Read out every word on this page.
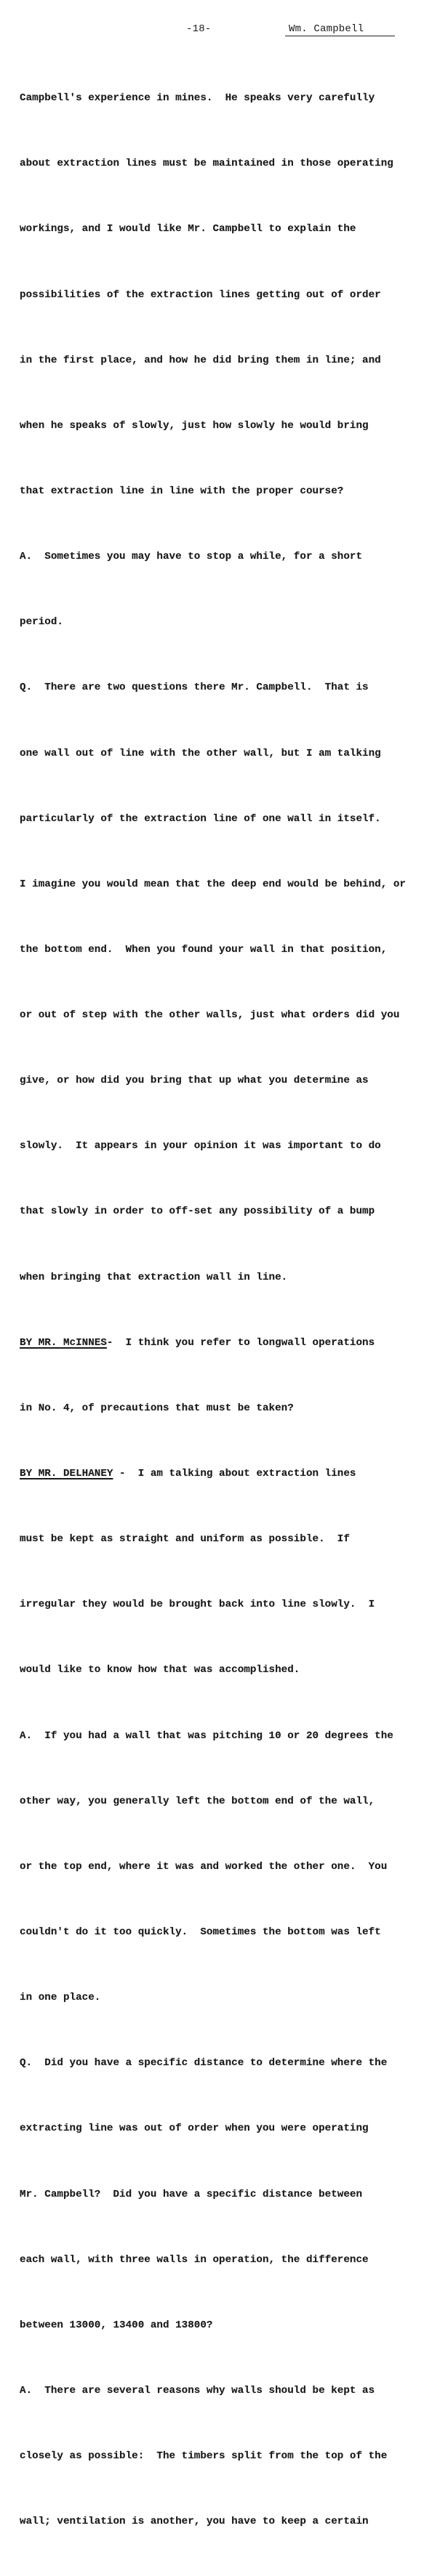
-18-	Wm. Campbell

Campbell's experience in mines.  He speaks very carefully

about extraction lines must be maintained in those operating

workings, and I would like Mr. Campbell to explain the

possibilities of the extraction lines getting out of order

in the first place, and how he did bring them in line; and

when he speaks of slowly, just how slowly he would bring

that extraction line in line with the proper course?

A.  Sometimes you may have to stop a while, for a short

period.

Q.  There are two questions there Mr. Campbell.  That is

one wall out of line with the other wall, but I am talking

particularly of the extraction line of one wall in itself.

I imagine you would mean that the deep end would be behind, or

the bottom end.  When you found your wall in that position,

or out of step with the other walls, just what orders did you

give, or how did you bring that up what you determine as

slowly.  It appears in your opinion it was important to do

that slowly in order to off-set any possibility of a bump

when bringing that extraction wall in line.

BY MR. McINNES-  I think you refer to longwall operations

in No. 4, of precautions that must be taken?

BY MR. DELHANEY -  I am talking about extraction lines

must be kept as straight and uniform as possible.  If

irregular they would be brought back into line slowly.  I

would like to know how that was accomplished.

A.  If you had a wall that was pitching 10 or 20 degrees the

other way, you generally left the bottom end of the wall,

or the top end, where it was and worked the other one.  You

couldn't do it too quickly.  Sometimes the bottom was left

in one place.

Q.  Did you have a specific distance to determine where the

extracting line was out of order when you were operating

Mr. Campbell?  Did you have a specific distance between

each wall, with three walls in operation, the difference

between 13000, 13400 and 13800?

A.  There are several reasons why walls should be kept as

closely as possible:  The timbers split from the top of the

wall; ventilation is another, you have to keep a certain
